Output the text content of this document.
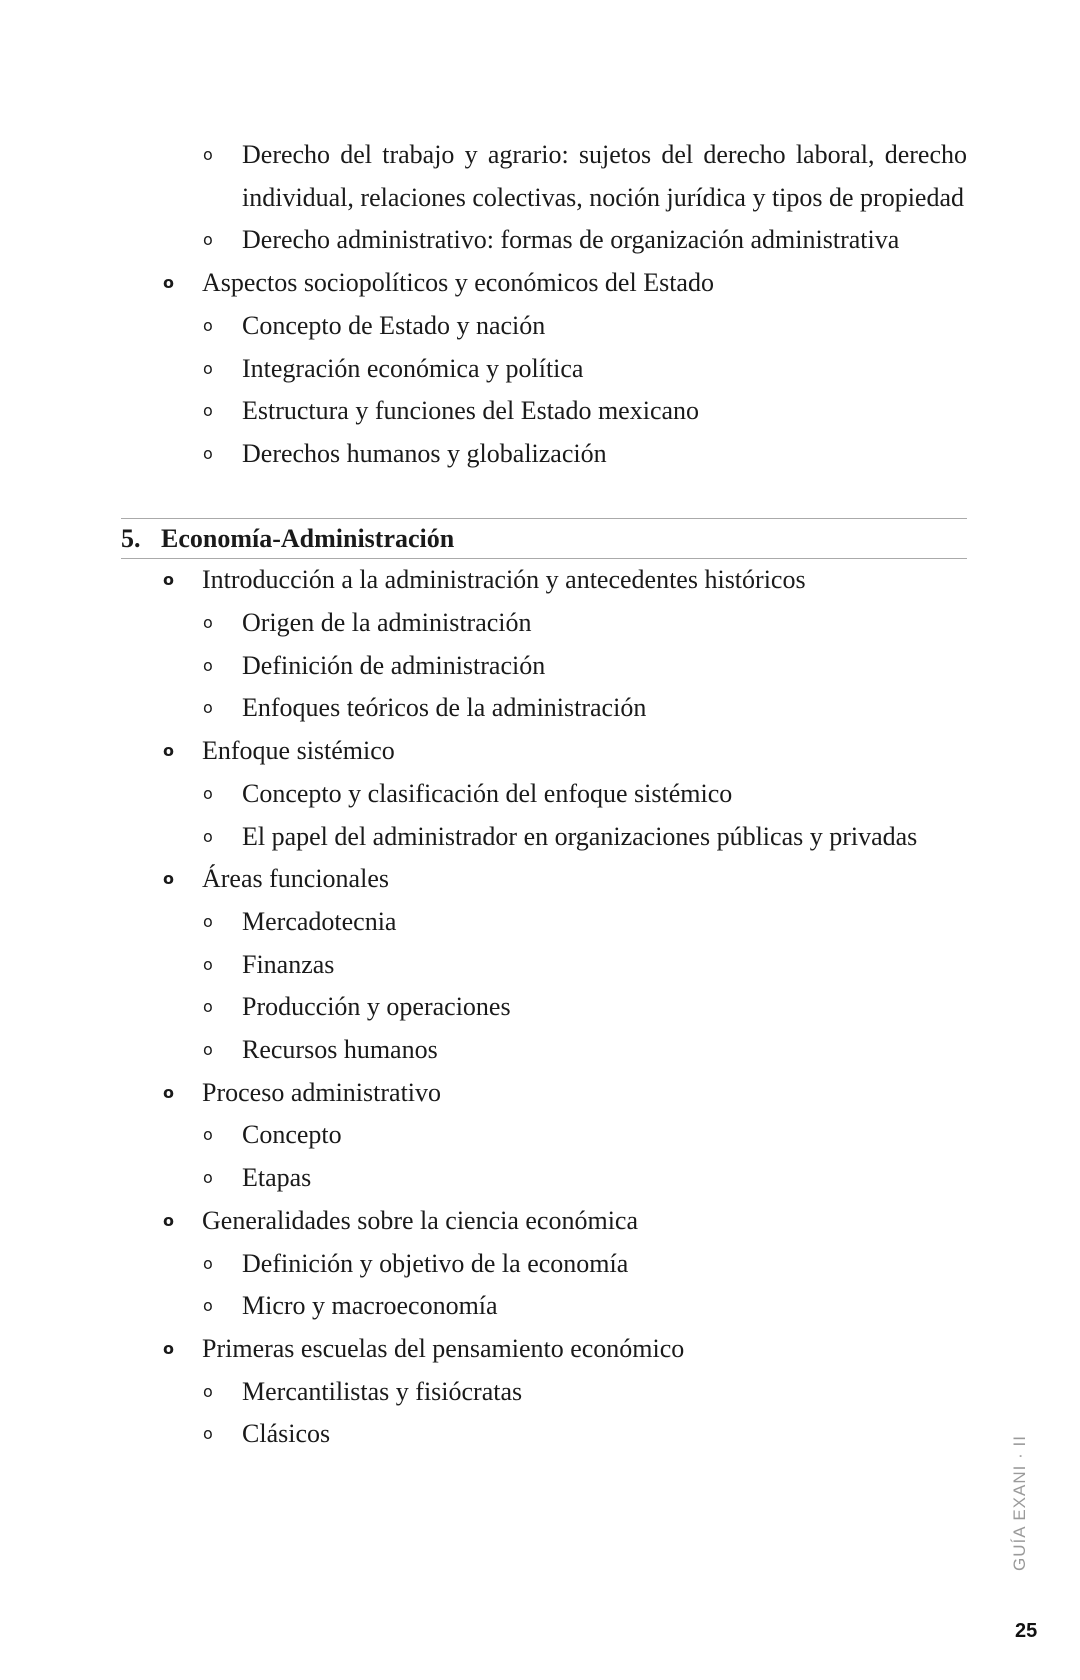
o Derecho del trabajo y agrario: sujetos del derecho laboral, derecho individual, relaciones colectivas, noción jurídica y tipos de propiedad
o Derecho administrativo: formas de organización administrativa
o Aspectos sociopolíticos y económicos del Estado
o Concepto de Estado y nación
o Integración económica y política
o Estructura y funciones del Estado mexicano
o Derechos humanos y globalización
5. Economía-Administración
o Introducción a la administración y antecedentes históricos
o Origen de la administración
o Definición de administración
o Enfoques teóricos de la administración
o Enfoque sistémico
o Concepto y clasificación del enfoque sistémico
o El papel del administrador en organizaciones públicas y privadas
o Áreas funcionales
o Mercadotecnia
o Finanzas
o Producción y operaciones
o Recursos humanos
o Proceso administrativo
o Concepto
o Etapas
o Generalidades sobre la ciencia económica
o Definición y objetivo de la economía
o Micro y macroeconomía
o Primeras escuelas del pensamiento económico
o Mercantilistas y fisiócratas
o Clásicos
GUÍA EXANI · II
25
